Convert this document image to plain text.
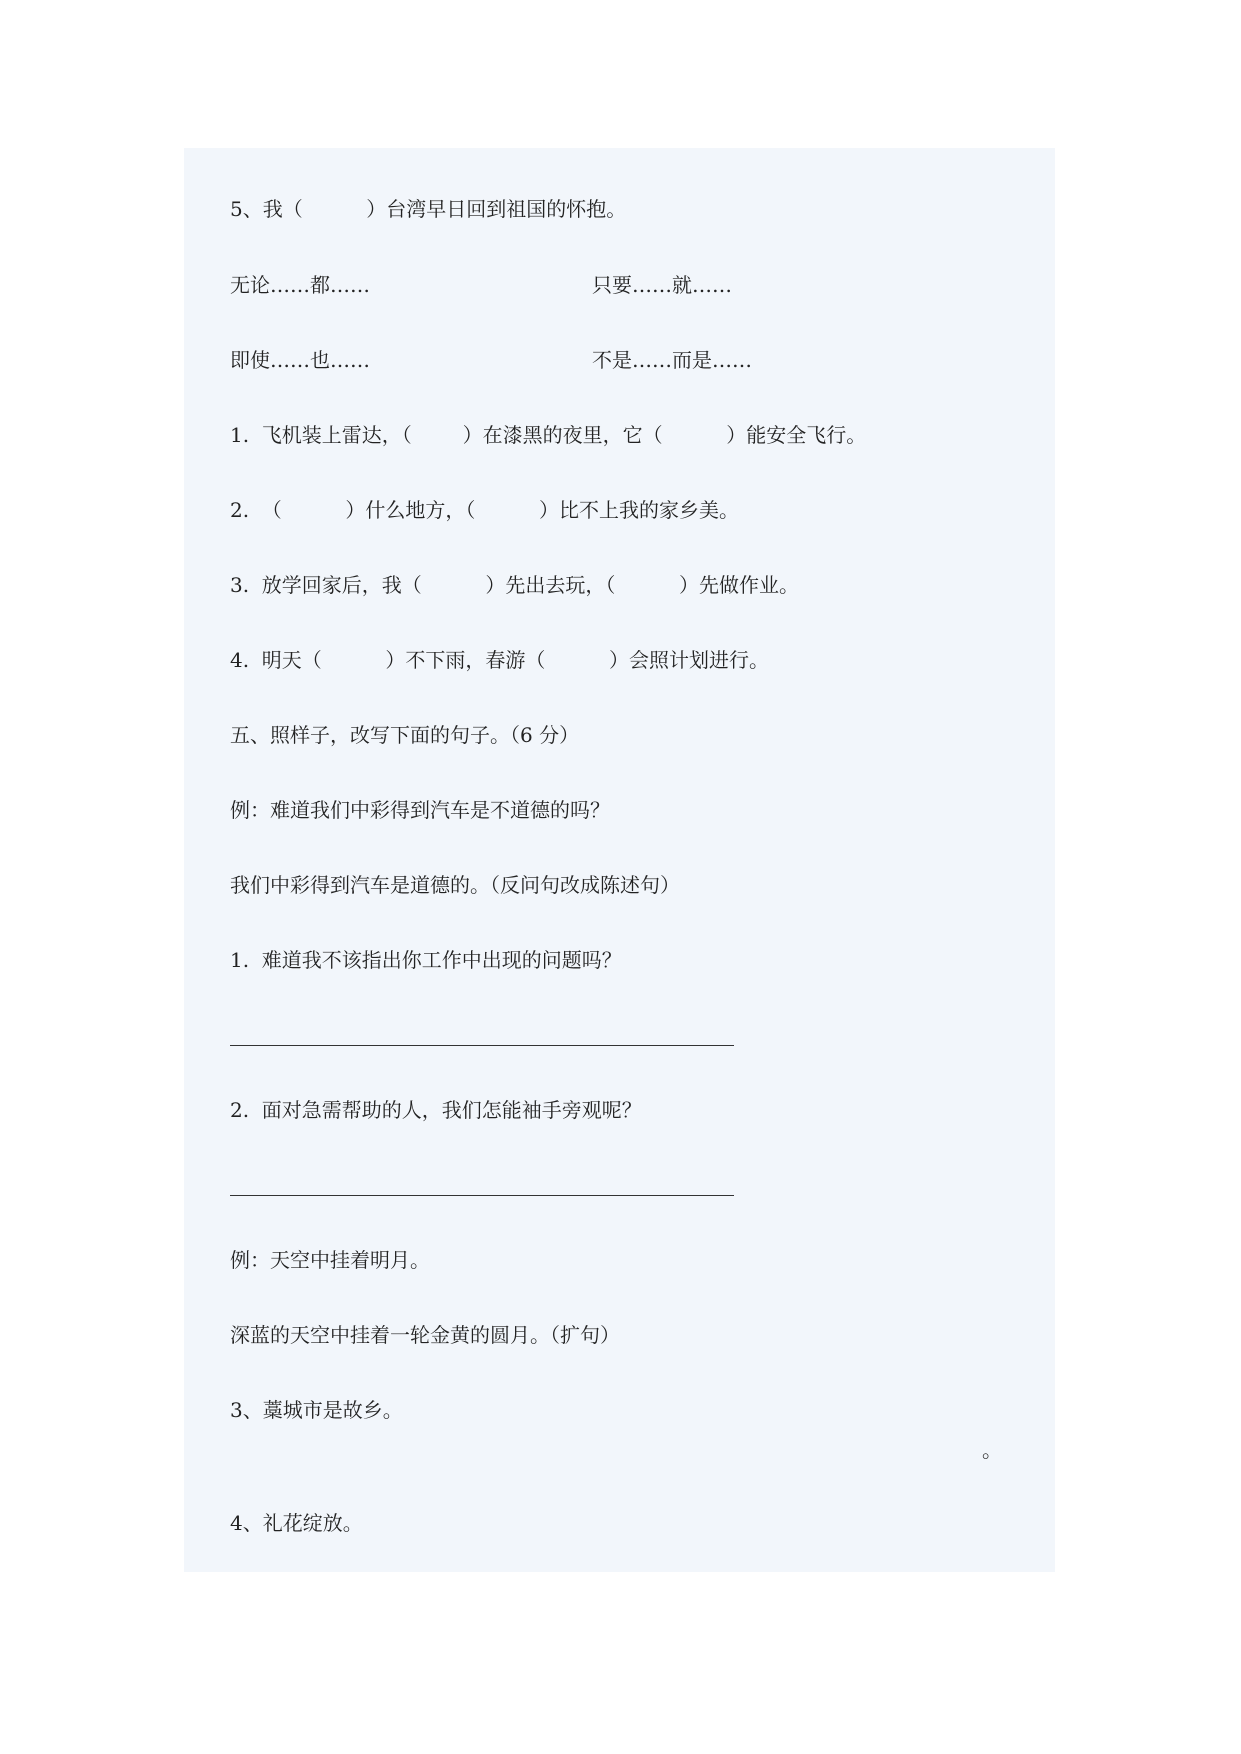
5、我（          ）台湾早日回到祖国的怀抱。
无论……都……	只要……就……
即使……也……	不是……而是……
1.  飞机装上雷达，（        ）在漆黑的夜里，它（          ）能安全飞行。
2.  （          ）什么地方，（          ）比不上我的家乡美。
3.  放学回家后，我（          ）先出去玩，（          ）先做作业。
4.  明天（          ）不下雨，春游（          ）会照计划进行。
五、照样子，改写下面的句子。（6 分）
例：难道我们中彩得到汽车是不道德的吗？
我们中彩得到汽车是道德的。（反问句改成陈述句）
1.  难道我不该指出你工作中出现的问题吗？
2.  面对急需帮助的人，我们怎能袖手旁观呢？
例：天空中挂着明月。
深蓝的天空中挂着一轮金黄的圆月。（扩句）
3、藁城市是故乡。
。
4、礼花绽放。
